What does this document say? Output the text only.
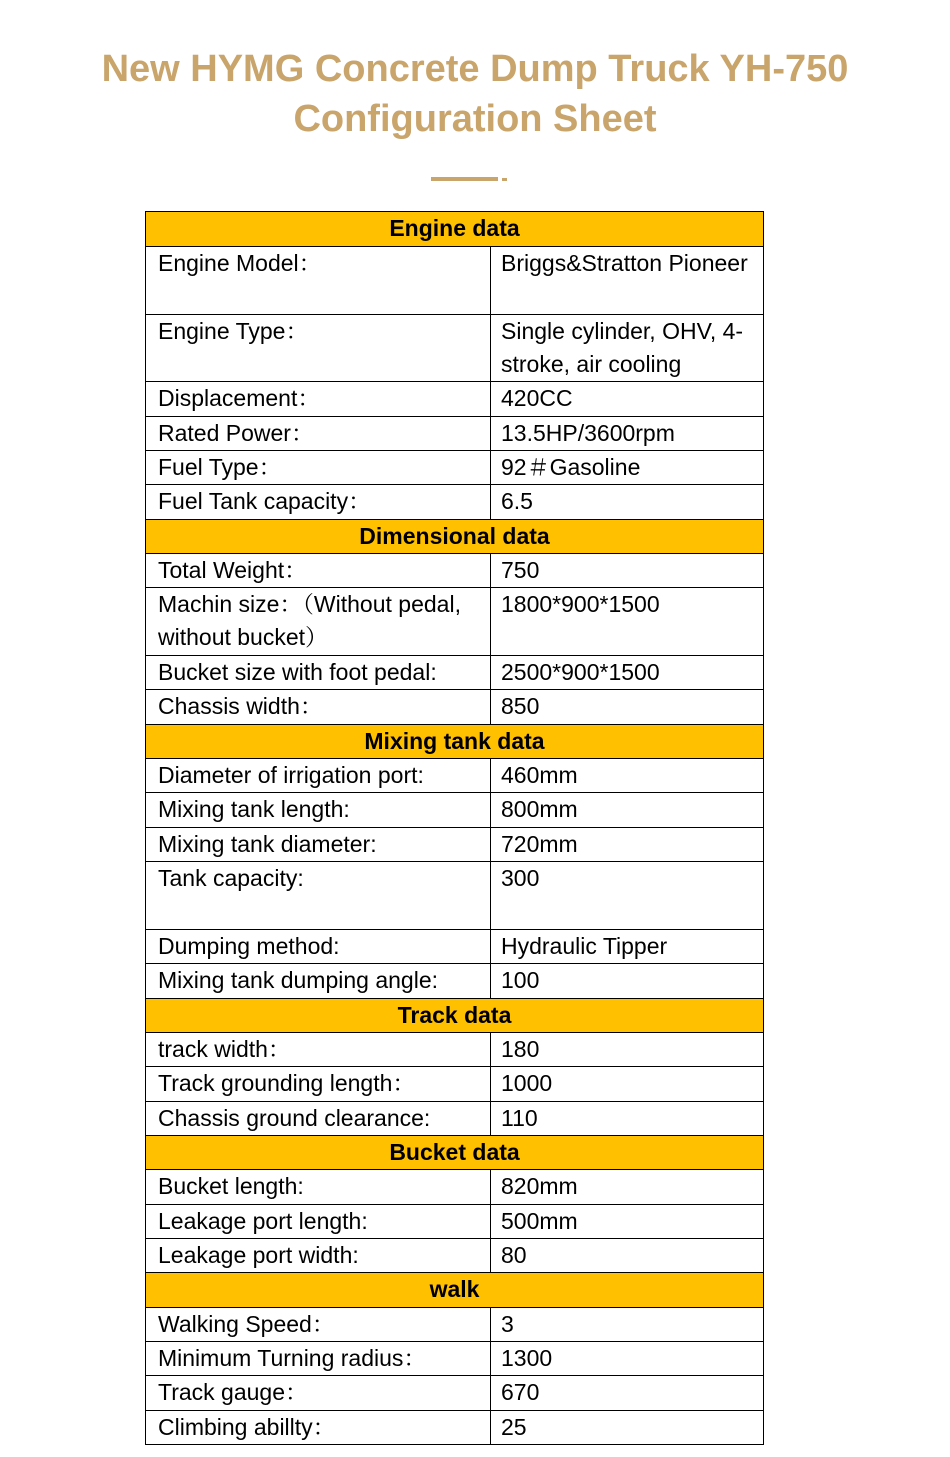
New HYMG Concrete Dump Truck YH-750
Configuration Sheet
Engine data	
Engine Model：	Briggs&Stratton Pioneer
Engine Type：	Single cylinder, OHV, 4-stroke, air cooling
Displacement：	420CC
Rated Power：	13.5HP/3600rpm
Fuel Type：	92＃Gasoline
Fuel Tank capacity：	6.5
Dimensional data	
Total Weight：	750
Machin size：（Without pedal, without bucket）	1800*900*1500
Bucket size with foot pedal:	2500*900*1500
Chassis width：	850
Mixing tank data	
Diameter of irrigation port:	460mm
Mixing tank length:	800mm
Mixing tank diameter:	720mm
Tank capacity:	300
Dumping method:	Hydraulic Tipper
Mixing tank dumping angle:	100
Track data	
track width：	180
Track grounding length：	1000
Chassis ground clearance:	110
Bucket data	
Bucket length:	820mm
Leakage port length:	500mm
Leakage port width:	80
walk	
Walking Speed：	3
Minimum Turning radius：	1300
Track gauge：	670
Climbing abillty：	25
